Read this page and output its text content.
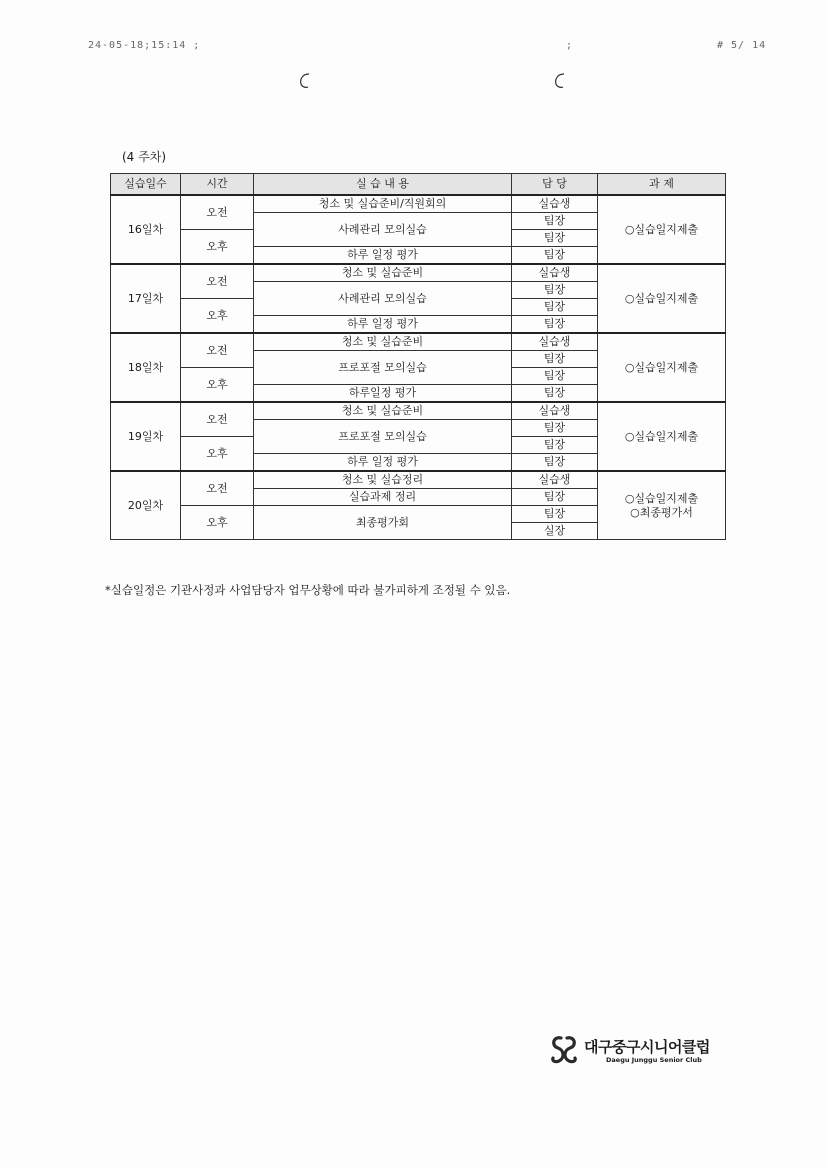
24-05-18;15:14 ;	;	# 5/ 14
(4 주차)
실습일수	시간	실 습 내 용	담 당	과 제
16일차	오전	청소 및 실습준비/직원회의	실습생	○실습일지제출

		사례관리 모의실습	팀장	
	오후		팀장	
		하루 일정 평가	팀장	
17일차	오전	청소 및 실습준비	실습생	○실습일지제출

		사례관리 모의실습	팀장	
	오후		팀장	
		하루 일정 평가	팀장	
18일차	오전	청소 및 실습준비	실습생	○실습일지제출

		프로포절 모의실습	팀장	
	오후		팀장	
		하루일정 평가	팀장	
19일차	오전	청소 및 실습준비	실습생	○실습일지제출

		프로포절 모의실습	팀장	
	오후		팀장	
		하루 일정 평가	팀장	
20일차	오전	청소 및 실습정리	실습생	○실습일지제출
○최종평가서

		실습과제 정리	팀장	
	오후	최종평가회	팀장	
			실장	
*실습일정은 기관사정과 사업담당자 업무상황에 따라 불가피하게 조정될 수 있음.
대구중구시니어클럽
Daegu Junggu Senior Club
